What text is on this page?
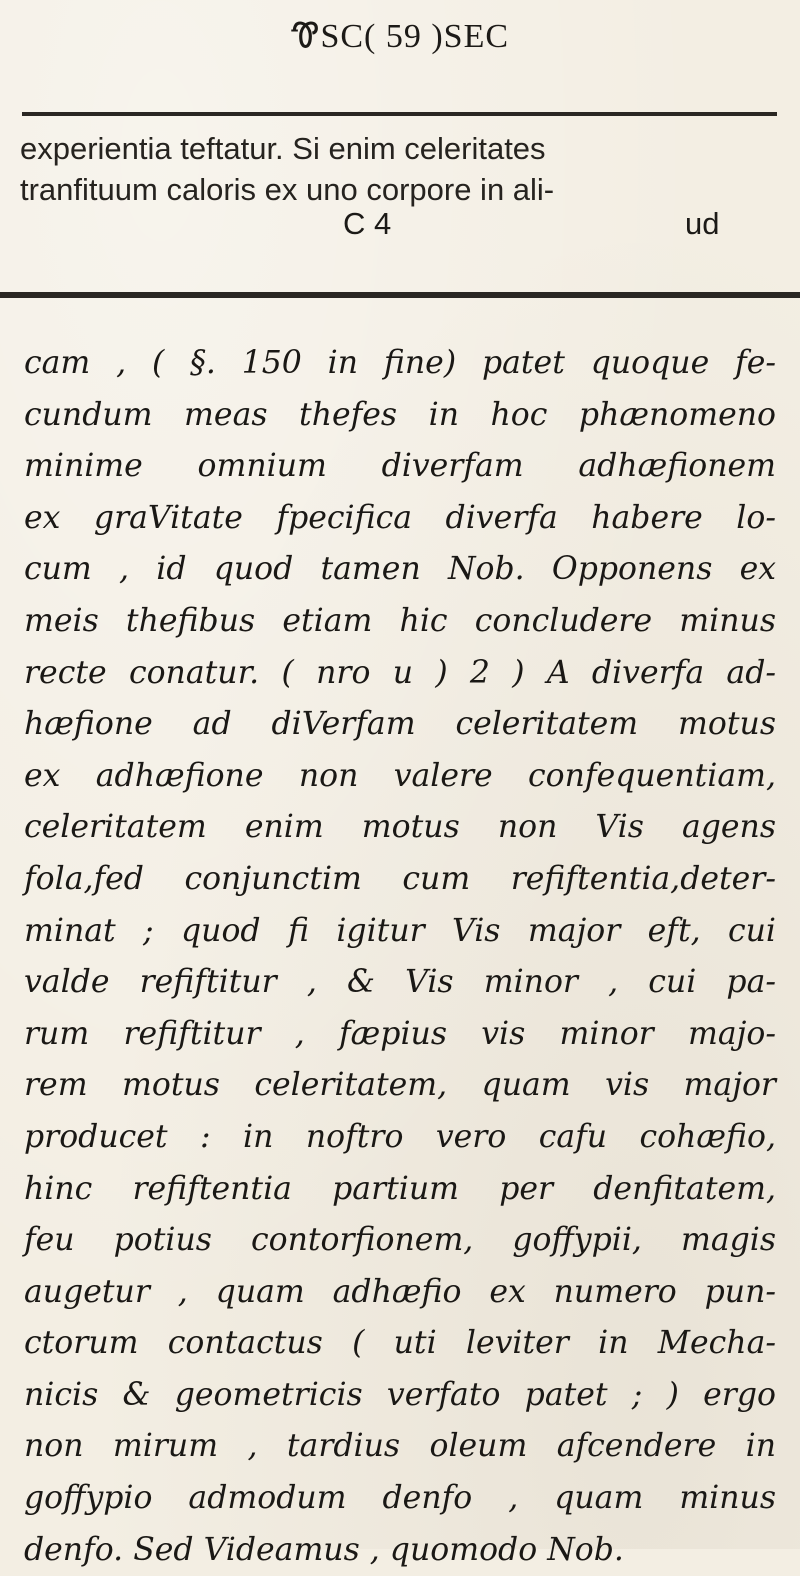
ᏡSC( 59 )SEC
experientia teftatur. Si enim celeritates
tranfituum caloris ex uno corpore in ali-
C 4	ud
cam , ( §. 150 in fine) patet quoque fe-
cundum meas thefes in hoc phænomeno
minime omnium diverfam adhæfionem
ex graVitate fpecifica diverfa habere lo-
cum , id quod tamen Nob. Opponens ex
meis thefibus etiam hic concludere minus
recte conatur. ( nro u ) 2 ) A diverfa ad-
hæfione ad diVerfam celeritatem motus
ex adhæfione non valere confequentiam,
celeritatem enim motus non Vis agens
fola,fed conjunctim cum refiftentia,deter-
minat ; quod fi igitur Vis major eft, cui
valde refiftitur , & Vis minor , cui pa-
rum refiftitur , fæpius vis minor majo-
rem motus celeritatem, quam vis major
producet : in noftro vero cafu cohæfio,
hinc refiftentia partium per denfitatem,
feu potius contorfionem, goffypii, magis
augetur , quam adhæfio ex numero pun-
ctorum contactus ( uti leviter in Mecha-
nicis & geometricis verfato patet ; ) ergo
non mirum , tardius oleum afcendere in
goffypio admodum denfo , quam minus
denfo. Sed Videamus , quomodo Nob.
